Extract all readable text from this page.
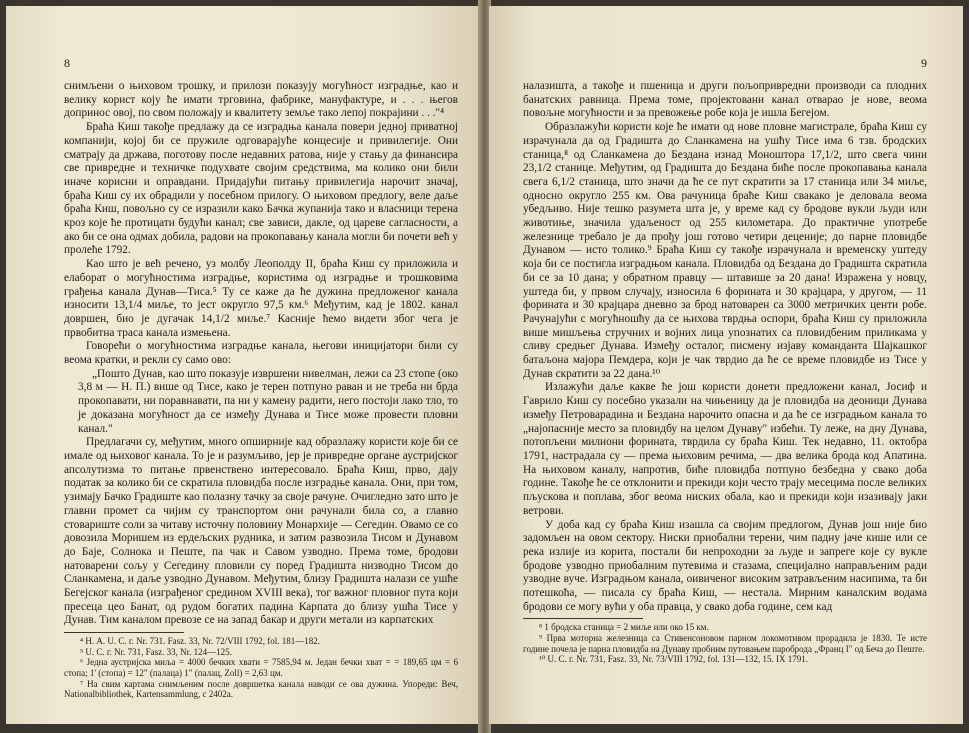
8

снимљени о њиховом трошку, и прилози показују могућност изградње, као и велику корист коју ће имати трговина, фабрике, мануфактуре, и . . . његов допринос овој, по свом положају и квалитету земље тако лепој покрајини . . ."⁴

Браћа Киш такође предлажу да се изградња канала повери једној приватној компанији, којој би се пружиле одговарајуће концесије и привилегије. Они сматрају да држава, поготову после недавних ратова, није у стању да финансира све привредне и техничке подухвате својим средствима, ма колико они били иначе корисни и оправдани. Придајући питању привилегија нарочит значај, браћа Киш су их обрадили у посебном прилогу. О њиховом предлогу, веле даље браћа Киш, повољно су се изразили како Бачка жупанија тако и власници терена кроз које ће протицати будући канал; све зависи, дакле, од царевe сагласности, а ако би се она одмах добила, радови на прокопавању канала могли би почети већ у пролеће 1792.

Као што је већ речено, уз молбу Леополду II, браћа Киш су приложила и елаборат о могућностима изградње, користима од изградње и трошковима грађења канала Дунав—Тиса.⁵ Ту се каже да ће дужина предложеног канала износити 13,1/4 миље, то јест округло 97,5 км.⁶ Међутим, кад је 1802. канал довршен, био је дугачак 14,1/2 миље.⁷ Касније ћемо видети због чега је првобитна траса канала измењена.

Говорећи о могућностима изградње канала, његови иницијатори били су веома кратки, и рекли су само ово:

„Пошто Дунав, као што показује извршени нивелман, лежи са 23 стопе (око 3,8 м — Н. П.) више од Тисе, како је терен потпуно раван и не треба ни брда прокопавати, ни поравнавати, па ни у камену радити, него постоји лако тло, то је доказана могућност да се између Дунава и Тисе може провести пловни канал."

Предлагачи су, међутим, много опширније кад образлажу користи које би се имале од њиховог канала. То је и разумљиво, јер је привредне органе аустријског апсолутизма то питање првенствено интересовало. Браћа Киш, прво, дају податак за колико би се скратила пловидба после изградње канала. Они, при том, узимају Бачко Градиште као полазну тачку за своје рачуне. Очигледно зато што је главни промет са чијим су транспортом они рачунали била со, а главно стовариште соли за читаву источну половину Монархије — Сегедин. Овамо се со довозила Моришем из ердељских рудника, и затим развозила Тисом и Дунавом до Баје, Солнока и Пеште, па чак и Савом узводно. Према томе, бродови натоварени сољу у Сегедину пловили су поред Градишта низводно Тисом до Сланкамена, и даље узводно Дунавом. Међутим, близу Градишта налази се ушће Бегејског канала (изграђеног средином XVIII века), тог важног пловног пута који пресеца цео Банат, од рудом богатих падина Карпата до близу ушћа Тисе у Дунав. Тим каналом превозе се на запад бакар и други метали из карпатских

⁴ Н. А. U. С. г. Nr. 731. Fasz. 33, Nr. 72/VIII 1792, fol. 181—182.

⁵ U. С. г. Nr. 731, Fasz. 33, Nr. 124—125.

⁶ Једна аустријска миља = 4000 бечких хвати = 7585,94 м. Један бечки хват = = 189,65 цм = 6 стопа; 1' (стопа) = 12" (палаца) 1" (палац, Zoll) = 2,63 цм.

⁷ На свим картама снимљеним после довршетка канала наводи се ова дужина. Упореди: Веч, Nationalbibliothek, Kartensammlung, с 2402а.

9

налазишта, а такође и пшеница и други пољопривредни производи са плодних банатских равница. Према томе, пројектовани канал отвараo је нове, веома повољне могућности и за превожење робе која је ишла Бегејом.

Образлажући користи које ће имати од нове пловне магистрале, браћа Киш су израчунала да од Градишта до Сланкамена на ушћу Тисе има 6 тзв. бродских станица,⁸ од Сланкамена до Бездана изнад Моноштора 17,1/2, што свега чини 23,1/2 станице. Међутим, од Градишта до Бездана биће после прокопавања канала свега 6,1/2 станица, што значи да ће се пут скратити за 17 станица или 34 миље, односно округло 255 км. Ова рачуница браће Киш свакако је деловала веома убедљиво. Није тешко разумета шта је, у време кад су бродове вукли људи или животиње, значила удаљеност од 255 километара. До практичне употребе железнице требало је да прођу још готово четири деценије; до парне пловидбе Дунавом — исто толико.⁹ Браћа Киш су такође израчунала и временску уштеду која би се постигла изградњом канала. Пловидба од Бездана до Градишта скратила би се за 10 дана; у обратном правцу — штавише за 20 дана! Изражена у новцу, уштеда би, у првом случају, износила 6 форината и 30 крајцара, у другом, — 11 форината и 30 крајцара дневно за брод натоварен са 3000 метричких центи робе. Рачунајући с могућношћу да се њихова тврдња оспори, браћа Киш су приложила више мишљења стручних и војних лица упознатих са пловидбеним приликама у сливу средњег Дунава. Између осталог, писмену изјаву команданта Шајкашког батаљона мајора Пемдера, који је чак тврдио да ће се време пловидбе из Тисе у Дунав скратити за 22 дана.¹⁰

Излажући даље какве ће још користи донети предложени канал, Јосиф и Гаврило Киш су посебно указали на чињеницу да је пловидба на деоници Дунава између Петроварадина и Бездана нарочито опасна и да ће се изградњом канала то „најопасније место за пловидбу на целом Дунаву" избећи. Ту леже, на дну Дунава, потопљени милиони форината, тврдила су браћа Киш. Тек недавно, 11. октобра 1791, настрадала су — према њиховим речима, — два велика брода код Апатина. На њиховом каналу, напротив, биће пловидба потпуно безбедна у свако доба године. Такође ће се отклонити и прекиди који често трају месецима после великих пљускова и поплава, због веома ниских обала, као и прекиди који изазивају јаки ветрови.

У доба кад су браћа Киш изашла са својим предлогом, Дунав још није био задомљен на овом сектору. Ниски приобални терени, чим падну јаче кише или се река излије из корита, постали би непроходни за људе и запреге које су вукле бродове узводно приобалним путевима и стазама, специјално направљеним ради узводне вуче. Изградњом канала, оивиченог високим затрављеним насипима, та би потешкоћа, — писала су браћа Киш, — нестала. Мирним каналским водама бродови се могу вући у оба правца, у свако доба године, сем кад

⁸ 1 бродска станица = 2 миље или око 15 км.

⁹ Прва моторна железница са Стивенсоновом парном локомотивом прорадила је 1830. Те исте године почела је парна пловидба на Дунаву пробним путовањем пароброда „Франц I" од Беча до Пеште.

¹⁰ U. С. г. Nr. 731, Fasz. 33, Nr. 73/VIII 1792, fol. 131—132, 15. IX 1791.
